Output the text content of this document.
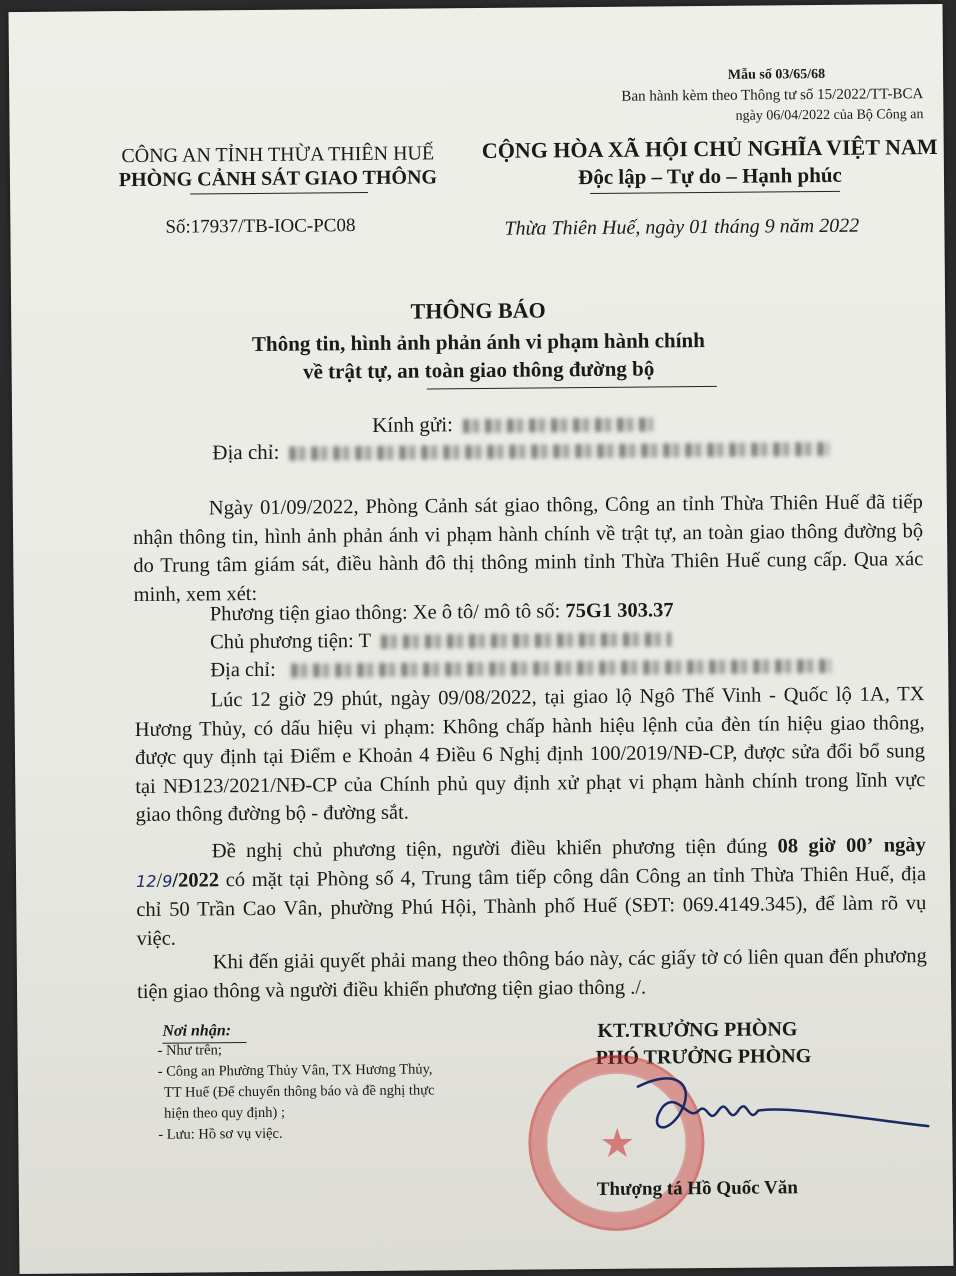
Mẫu số 03/65/68
Ban hành kèm theo Thông tư số 15/2022/TT-BCA
ngày 06/04/2022 của Bộ Công an
CÔNG AN TỈNH THỪA THIÊN HUẾ
PHÒNG CẢNH SÁT GIAO THÔNG
Số:17937/TB-IOC-PC08
CỘNG HÒA XÃ HỘI CHỦ NGHĨA VIỆT NAM
Độc lập – Tự do – Hạnh phúc
Thừa Thiên Huế, ngày 01 tháng 9 năm 2022
THÔNG BÁO
Thông tin, hình ảnh phản ánh vi phạm hành chính
về trật tự, an toàn giao thông đường bộ
Kính gửi:
Địa chỉ:
Ngày 01/09/2022, Phòng Cảnh sát giao thông, Công an tỉnh Thừa Thiên Huế đã tiếp nhận thông tin, hình ảnh phản ánh vi phạm hành chính về trật tự, an toàn giao thông đường bộ do Trung tâm giám sát, điều hành đô thị thông minh tỉnh Thừa Thiên Huế cung cấp. Qua xác minh, xem xét:
Phương tiện giao thông: Xe ô tô/ mô tô số: 75G1 303.37
Chủ phương tiện: T
Địa chỉ:
Lúc 12 giờ 29 phút, ngày 09/08/2022, tại giao lộ Ngô Thế Vinh - Quốc lộ 1A, TX Hương Thủy, có dấu hiệu vi phạm: Không chấp hành hiệu lệnh của đèn tín hiệu giao thông, được quy định tại Điểm e Khoản 4 Điều 6 Nghị định 100/2019/NĐ-CP, được sửa đổi bổ sung tại NĐ123/2021/NĐ-CP của Chính phủ quy định xử phạt vi phạm hành chính trong lĩnh vực giao thông đường bộ - đường sắt.
Đề nghị chủ phương tiện, người điều khiển phương tiện đúng 08 giờ 00’ ngày 12/9/2022 có mặt tại Phòng số 4, Trung tâm tiếp công dân Công an tỉnh Thừa Thiên Huế, địa chỉ 50 Trần Cao Vân, phường Phú Hội, Thành phố Huế (SĐT: 069.4149.345), để làm rõ vụ việc.
Khi đến giải quyết phải mang theo thông báo này, các giấy tờ có liên quan đến phương tiện giao thông và người điều khiển phương tiện giao thông ./.
Nơi nhận:
- Như trên;
- Công an Phường Thủy Vân, TX Hương Thủy,
TT Huế (Để chuyển thông báo và đề nghị thực
hiện theo quy định) ;
- Lưu: Hồ sơ vụ việc.
KT.TRƯỞNG PHÒNG
PHÓ TRƯỞNG PHÒNG
★
Thượng tá Hồ Quốc Văn
